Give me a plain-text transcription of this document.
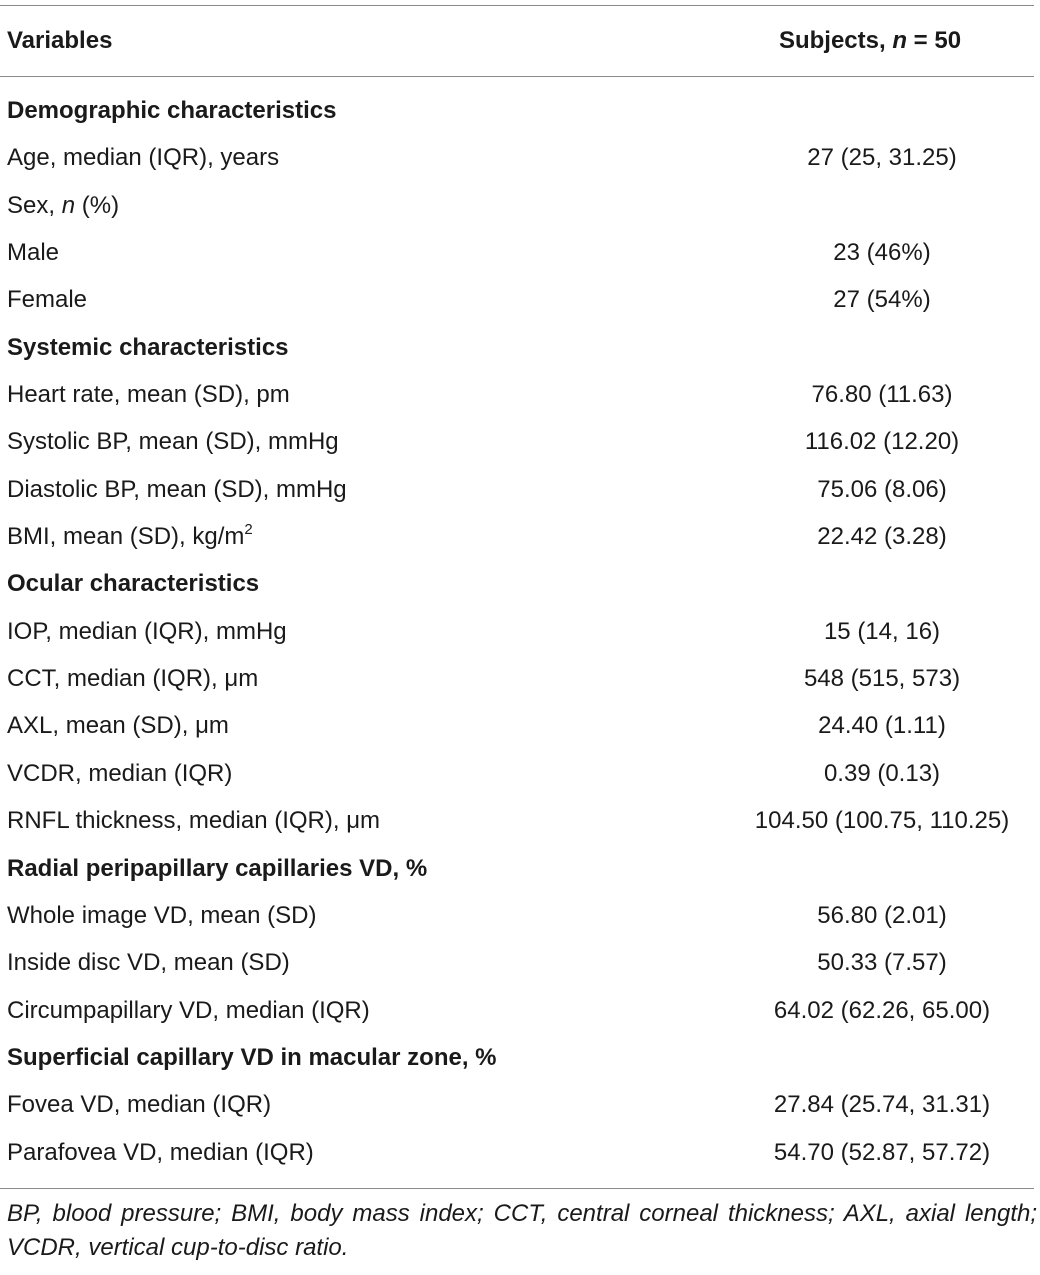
Variables	Subjects, n = 50
Demographic characteristics
Age, median (IQR), years	27 (25, 31.25)
Sex, n (%)
Male	23 (46%)
Female	27 (54%)
Systemic characteristics
Heart rate, mean (SD), pm	76.80 (11.63)
Systolic BP, mean (SD), mmHg	116.02 (12.20)
Diastolic BP, mean (SD), mmHg	75.06 (8.06)
BMI, mean (SD), $kg/m^2$	22.42 (3.28)
Ocular characteristics
IOP, median (IQR), mmHg	15 (14, 16)
CCT, median (IQR), μm	548 (515, 573)
AXL, mean (SD), μm	24.40 (1.11)
VCDR, median (IQR)	0.39 (0.13)
RNFL thickness, median (IQR), μm	104.50 (100.75, 110.25)
Radial peripapillary capillaries VD, %
Whole image VD, mean (SD)	56.80 (2.01)
Inside disc VD, mean (SD)	50.33 (7.57)
Circumpapillary VD, median (IQR)	64.02 (62.26, 65.00)
Superficial capillary VD in macular zone, %
Fovea VD, median (IQR)	27.84 (25.74, 31.31)
Parafovea VD, median (IQR)	54.70 (52.87, 57.72)
BP, blood pressure; BMI, body mass index; CCT, central corneal thickness; AXL, axial length; VCDR, vertical cup-to-disc ratio.
